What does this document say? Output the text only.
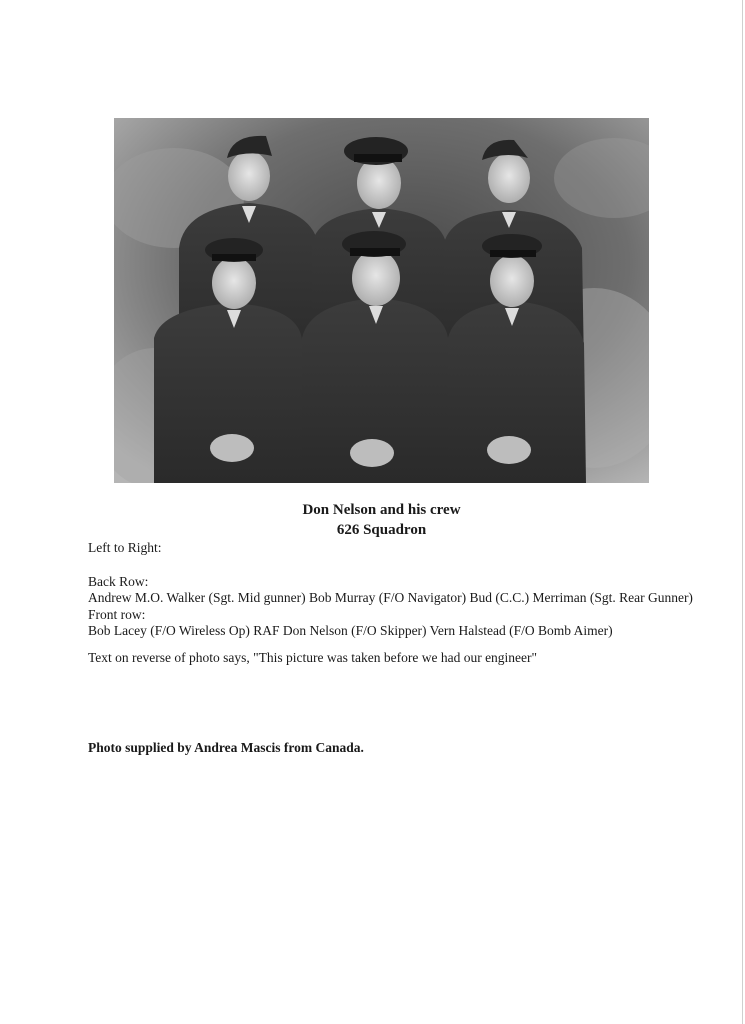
Don Nelson and his crew
626 Squadron

Left to Right:

Back Row:

Andrew M.O. Walker (Sgt. Mid gunner) Bob Murray (F/O Navigator) Bud (C.C.) Merriman (Sgt. Rear Gunner)

Front row:

Bob Lacey (F/O Wireless Op) RAF Don Nelson (F/O Skipper) Vern Halstead (F/O Bomb Aimer)

Text on reverse of photo says, "This picture was taken before we had our engineer"

Photo supplied by Andrea Mascis from Canada.
